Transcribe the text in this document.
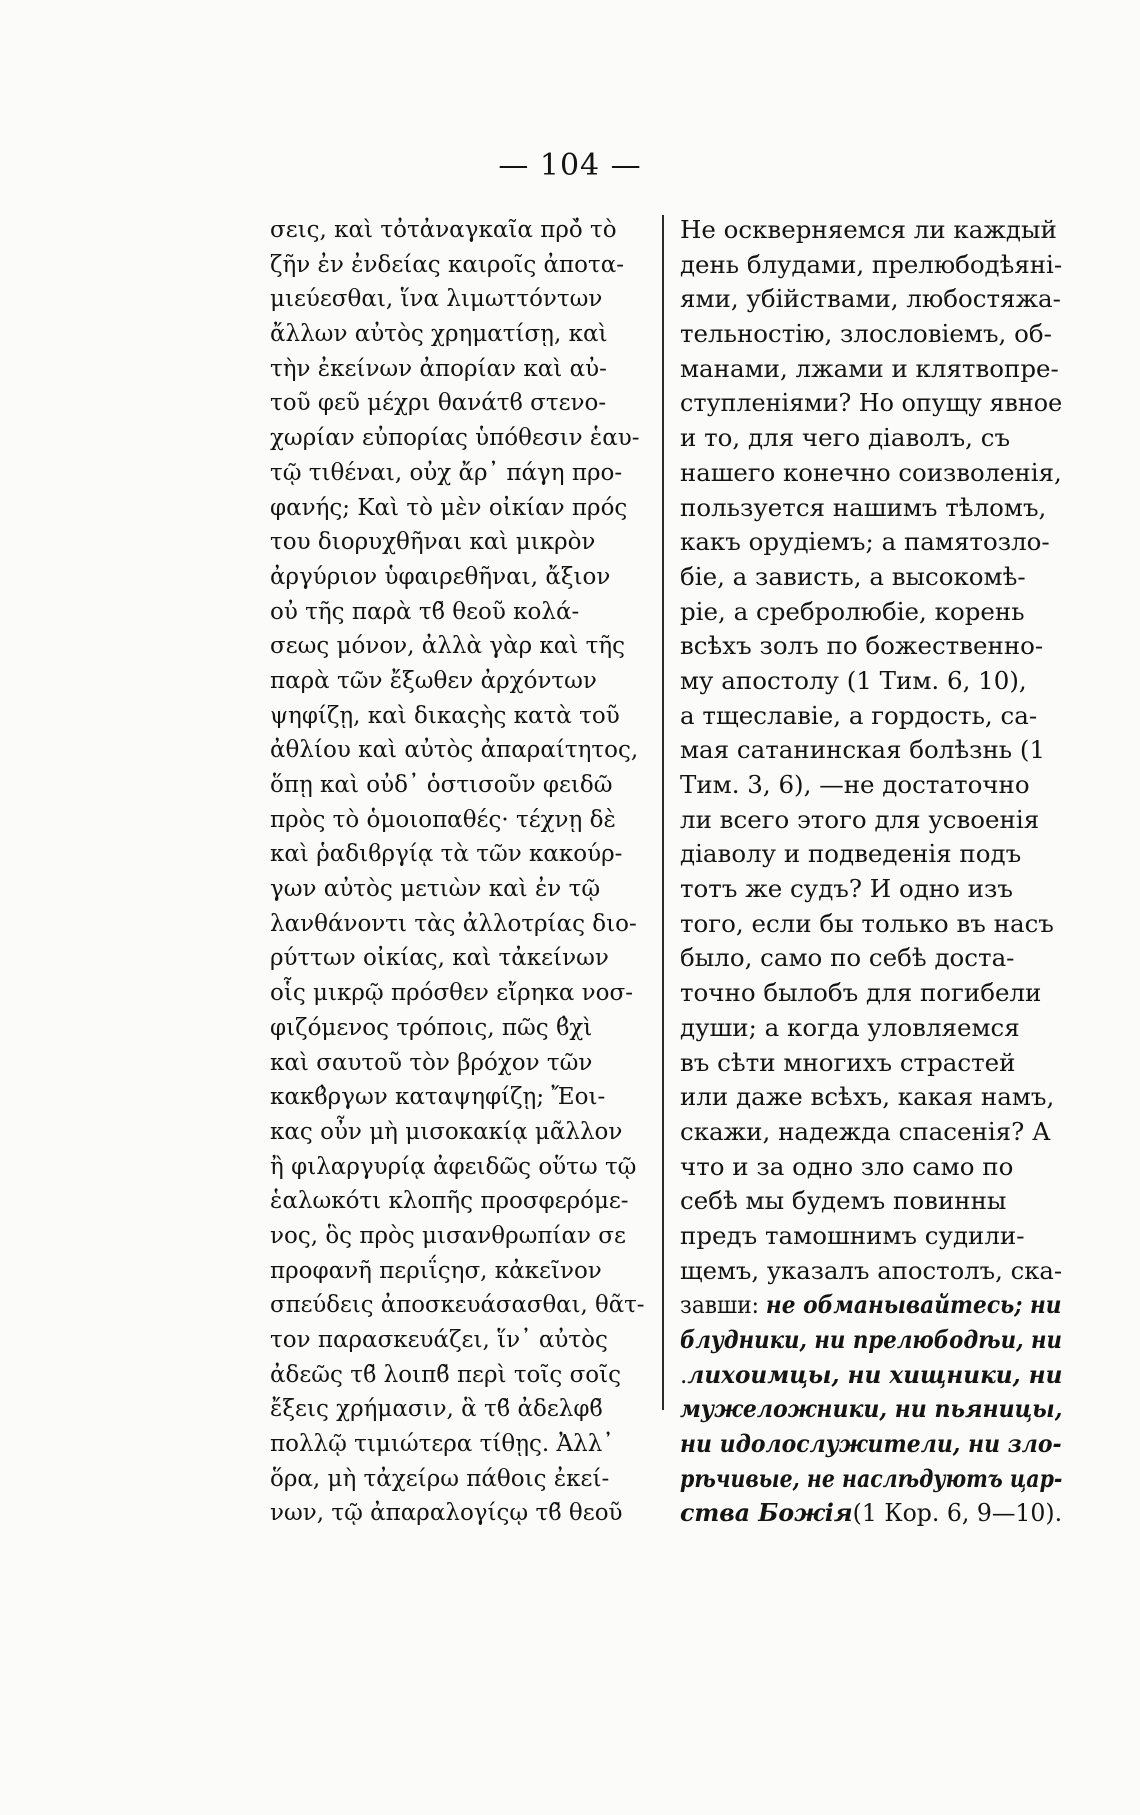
— 104 —
σεις, καὶ τὀτἀναγκαῖα πρὸ̓ τὸ
ζῆν ἐν ἐνδείας καιροῖς ἀποτα-
μιεύεσθαι, ἵνα λιμωττόντων
ἄλλων αὐτὸς χρηματίσῃ, καὶ
τὴν ἐκείνων ἀπορίαν καὶ αὐ-
τοῦ φεῦ μέχρι θανάτϐ στενο-
χωρίαν εὐπορίας ὑπόθεσιν ἑαυ-
τῷ τιθέναι, οὐχ ἄρ᾽ πάγη προ-
φανής; Καὶ τὸ μὲν οἰκίαν πρός
του διορυχθῆναι καὶ μικρὸν
ἀργύριον ὑφαιρεθῆναι, ἄξιον
οὐ τῆς παρὰ τϐ̃ θεοῦ κολά-
σεως μόνον, ἀλλὰ γὰρ καὶ τῆς
παρὰ τῶν ἔξωθεν ἀρχόντων
ψηφίζῃ, καὶ δικαςὴς κατὰ τοῦ
ἀθλίου καὶ αὐτὸς ἀπαραίτητος,
ὅπῃ καὶ οὐδ᾽ ὁστισοῦν φειδῶ
πρὸς τὸ ὁμοιοπαθές· τέχνῃ δὲ
καὶ ῥαδιϐργίᾳ τὰ τῶν κακούρ-
γων αὐτὸς μετιὼν καὶ ἐν τῷ
λανθάνοντι τὰς ἀλλοτρίας διο-
ρύττων οἰκίας, καὶ τἀκείνων
οἷς μικρῷ πρόσθεν εἴρηκα νοσ-
φιζόμενος τρόποις, πῶς ϐ̓χὶ
καὶ σαυτοῦ τὸν βρόχον τῶν
κακϐ̓ργων καταψηφίζῃ; Ἔοι-
κας οὖν μὴ μισοκακίᾳ μᾶλλον
ἢ φιλαργυρίᾳ ἀφειδῶς οὕτω τῷ
ἑαλωκότι κλοπῆς προσφερόμε-
νος, ὃς πρὸς μισανθρωπίαν σε
προφανῆ περιΐςησ, κἀκεῖνον
σπεύδεις ἀποσκευάσασθαι, θᾶτ-
τον παρασκευάζει, ἵν᾽ αὐτὸς
ἀδεῶς τϐ̃ λοιπϐ̃ περὶ τοῖς σοῖς
ἔξεις χρήμασιν, ἃ τϐ̃ ἀδελφϐ̃
πολλῷ τιμιώτερα τίθῃς. Ἀλλ᾽
ὅρα, μὴ τἀχείρω πάθοις ἐκεί-
νων, τῷ ἀπαραλογίςῳ τϐ̃ θεοῦ
Не оскверняемся ли каждый
день блудами, прелюбодѣяні-
ями, убійствами, любостяжа-
тельностію, злословіемъ, об-
манами, лжами и клятвопре-
ступленіями? Но опущу явное
и то, для чего діаволъ, съ
нашего конечно соизволенія,
пользуется нашимъ тѣломъ,
какъ орудіемъ; а памятозло-
біе, а зависть, а высокомѣ-
ріе, а сребролюбіе, корень
всѣхъ золъ по божественно-
му апостолу (1 Тим. 6, 10),
а тщеславіе, а гордость, са-
мая сатанинская болѣзнь (1
Тим. 3, 6), —не достаточно
ли всего этого для усвоенія
діаволу и подведенія подъ
тотъ же судъ? И одно изъ
того, если бы только въ насъ
было, само по себѣ доста-
точно былобъ для погибели
души; а когда уловляемся
въ сѣти многихъ страстей
или даже всѣхъ, какая намъ,
скажи, надежда спасенія? А
что и за одно зло само по
себѣ мы будемъ повинны
предъ тамошнимъ судили-
щемъ, указалъ апостолъ, ска-
завши: не обманывайтесь; ни
блудники, ни прелюбодѣи, ни
.лихоимцы, ни хищники, ни
мужеложники, ни пьяницы,
ни идолослужители, ни зло-
рѣчивые, не наслѣдуютъ цар-
ства Божія(1 Кор. 6, 9—10).
